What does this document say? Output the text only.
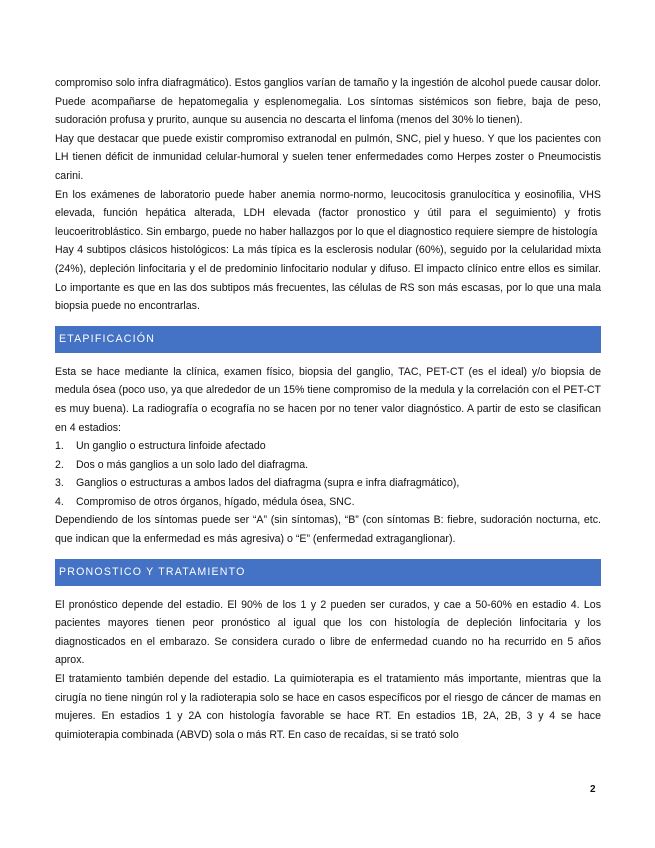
compromiso solo infra diafragmático). Estos ganglios varían de tamaño y la ingestión de alcohol puede causar dolor. Puede acompañarse de hepatomegalia y esplenomegalia. Los síntomas sistémicos son fiebre, baja de peso, sudoración profusa y prurito, aunque su ausencia no descarta el linfoma (menos del 30% lo tienen).

Hay que destacar que puede existir compromiso extranodal en pulmón, SNC, piel y hueso. Y que los pacientes con LH tienen déficit de inmunidad celular-humoral y suelen tener enfermedades como Herpes zoster o Pneumocistis carini.

En los exámenes de laboratorio puede haber anemia normo-normo, leucocitosis granulocítica y eosinofilia, VHS elevada, función hepática alterada, LDH elevada (factor pronostico y útil para el seguimiento) y frotis leucoeritroblástico. Sin embargo, puede no haber hallazgos por lo que el diagnostico requiere siempre de histología

Hay 4 subtipos clásicos histológicos: La más típica es la esclerosis nodular (60%), seguido por la celularidad mixta (24%), depleción linfocitaria y el de predominio linfocitario nodular y difuso. El impacto clínico entre ellos es similar. Lo importante es que en las dos subtipos más frecuentes, las células de RS son más escasas, por lo que una mala biopsia puede no encontrarlas.

ETAPIFICACIÓN

Esta se hace mediante la clínica, examen físico, biopsia del ganglio, TAC, PET-CT (es el ideal) y/o biopsia de medula ósea (poco uso, ya que alrededor de un 15% tiene compromiso de la medula y la correlación con el PET-CT es muy buena). La radiografía o ecografía no se hacen por no tener valor diagnóstico. A partir de esto se clasifican en 4 estadios:

1.	Un ganglio o estructura linfoide afectado
2.	Dos o más ganglios a un solo lado del diafragma.
3.	Ganglios o estructuras a ambos lados del diafragma (supra e infra diafragmático),
4.	Compromiso de otros órganos, hígado, médula ósea, SNC.

Dependiendo de los síntomas puede ser “A” (sin síntomas), “B” (con síntomas B: fiebre, sudoración nocturna, etc. que indican que la enfermedad es más agresiva) o “E” (enfermedad extraganglionar).

PRONOSTICO Y TRATAMIENTO

El pronóstico depende del estadio. El 90% de los 1 y 2 pueden ser curados, y cae a 50-60% en estadio 4. Los pacientes mayores tienen peor pronóstico al igual que los con histología de depleción linfocitaria y los diagnosticados en el embarazo. Se considera curado o libre de enfermedad cuando no ha recurrido en 5 años aprox.

El tratamiento también depende del estadio. La quimioterapia es el tratamiento más importante, mientras que la cirugía no tiene ningún rol y la radioterapia solo se hace en casos específicos por el riesgo de cáncer de mamas en mujeres. En estadios 1 y 2A con histología favorable se hace RT. En estadios 1B, 2A, 2B, 3 y 4 se hace quimioterapia combinada (ABVD) sola o más RT. En caso de recaídas, si se trató solo

2
